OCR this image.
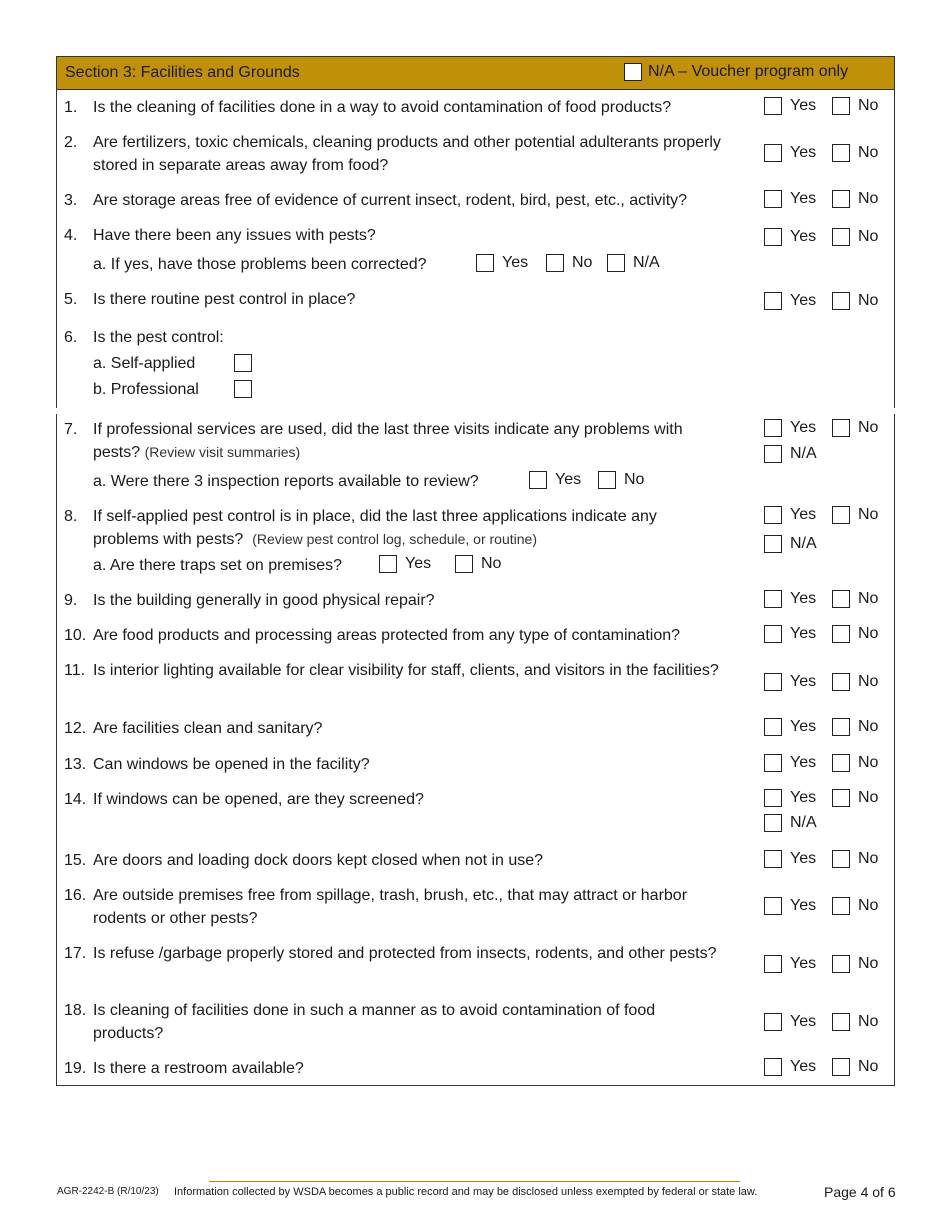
Section 3: Facilities and Grounds	N/A – Voucher program only
1. Is the cleaning of facilities done in a way to avoid contamination of food products?	Yes	No
2. Are fertilizers, toxic chemicals, cleaning products and other potential adulterants properly stored in separate areas away from food?
Yes	No
3. Are storage areas free of evidence of current insect, rodent, bird, pest, etc., activity?	Yes	No
4. Have there been any issues with pests?	Yes	No
a. If yes, have those problems been corrected?	Yes	No	N/A
5. Is there routine pest control in place?	Yes	No
6. Is the pest control:
a. Self-applied
b. Professional
7. If professional services are used, did the last three visits indicate any problems with
pests? (Review visit summaries)
Yes	No
N/A
a. Were there 3 inspection reports available to review?	Yes	No
8. If self-applied pest control is in place, did the last three applications indicate any
problems with pests? (Review pest control log, schedule, or routine)
Yes	No
N/A
a. Are there traps set on premises?	Yes	No
9. Is the building generally in good physical repair?	Yes	No
10. Are food products and processing areas protected from any type of contamination?	Yes	No
11. Is interior lighting available for clear visibility for staff, clients, and visitors in the facilities?
Yes	No
12. Are facilities clean and sanitary?	Yes	No
13. Can windows be opened in the facility?	Yes	No
14. If windows can be opened, are they screened?	Yes	No
N/A
15. Are doors and loading dock doors kept closed when not in use?	Yes	No
16. Are outside premises free from spillage, trash, brush, etc., that may attract or harbor rodents or other pests?
Yes	No
17. Is refuse /garbage properly stored and protected from insects, rodents, and other pests?
Yes	No
18. Is cleaning of facilities done in such a manner as to avoid contamination of food products?
Yes	No
19. Is there a restroom available?	Yes	No
AGR-2242-B (R/10/23) Information collected by WSDA becomes a public record and may be disclosed unless exempted by federal or state law.	Page 4 of 6
